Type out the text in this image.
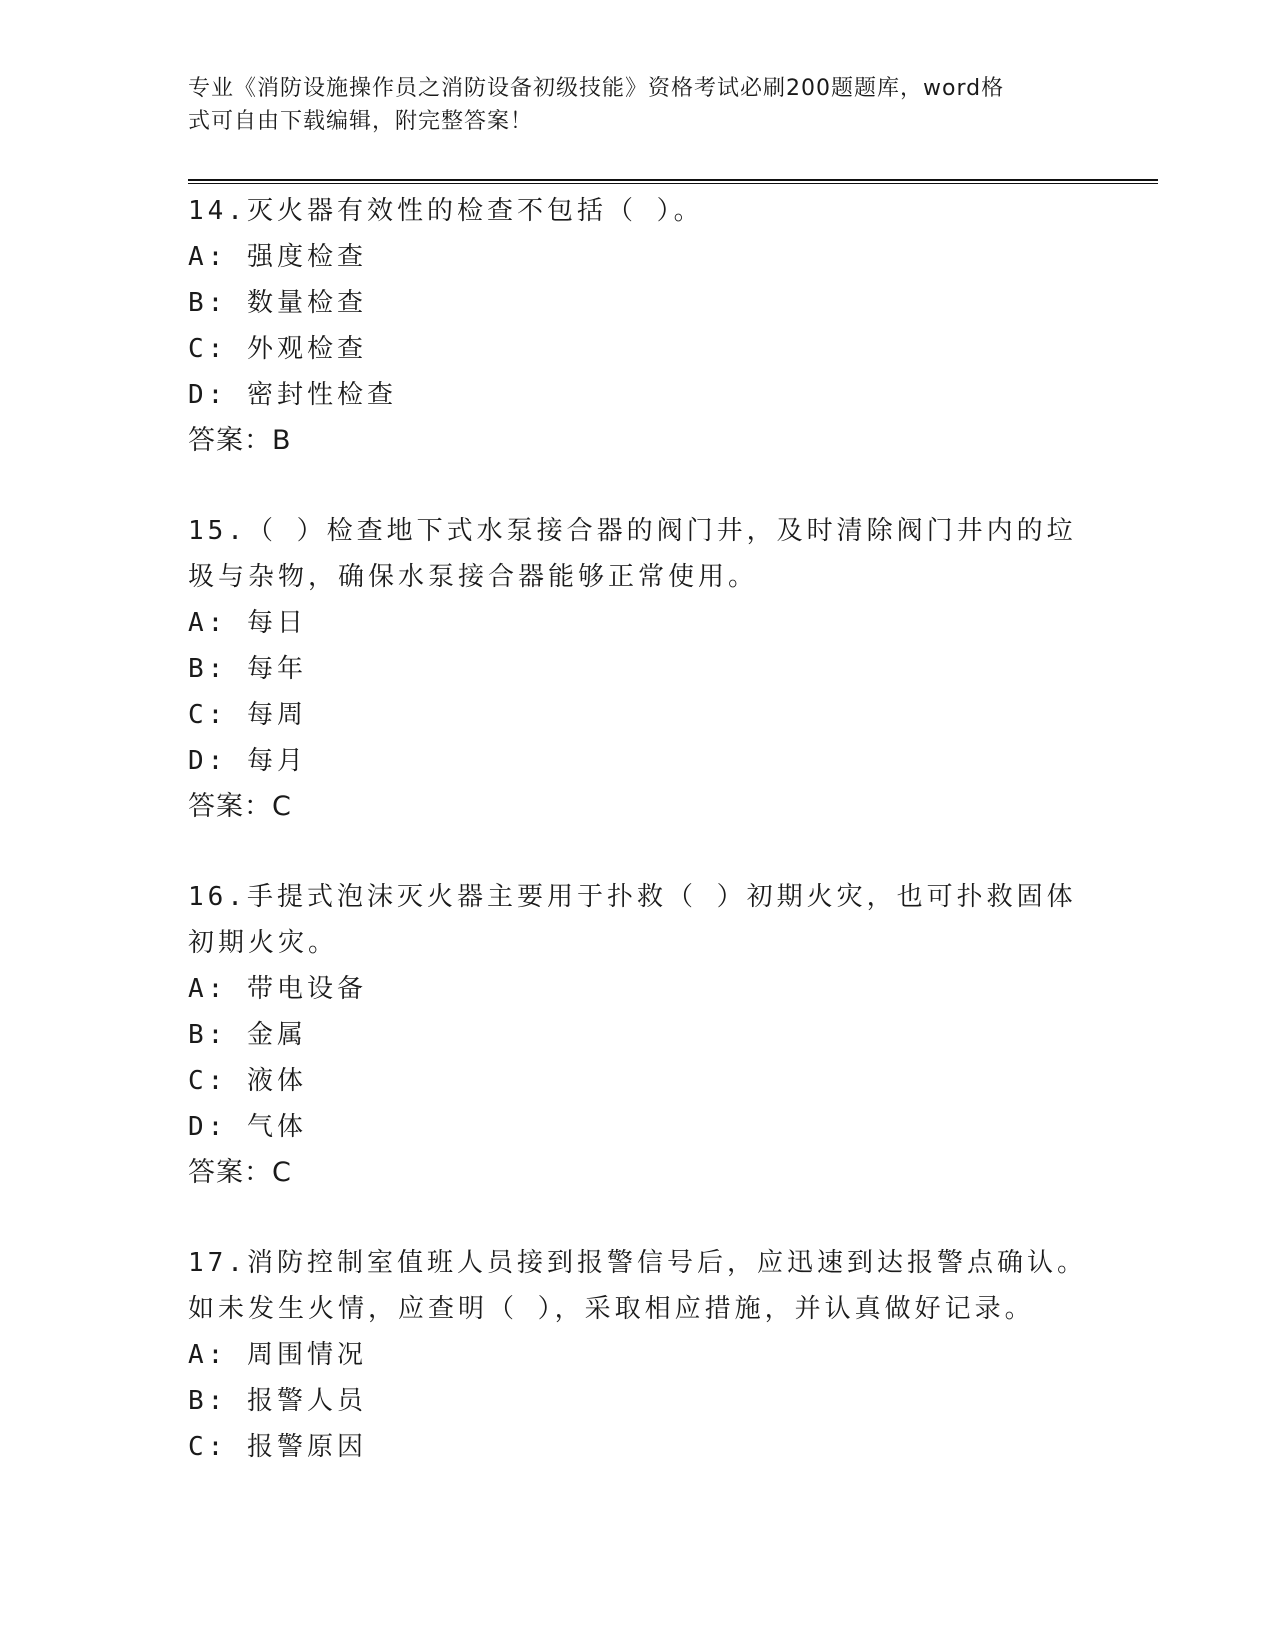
专业《消防设施操作员之消防设备初级技能》资格考试必刷200题题库，word格
式可自由下载编辑，附完整答案！
14.灭火器有效性的检查不包括（ ）。
A: 强度检查
B: 数量检查
C: 外观检查
D: 密封性检查
答案：B
15.（ ）检查地下式水泵接合器的阀门井，及时清除阀门井内的垃圾与杂物，确保水泵接合器能够正常使用。
A: 每日
B: 每年
C: 每周
D: 每月
答案：C
16.手提式泡沫灭火器主要用于扑救（ ）初期火灾，也可扑救固体初期火灾。
A: 带电设备
B: 金属
C: 液体
D: 气体
答案：C
17.消防控制室值班人员接到报警信号后，应迅速到达报警点确认。如未发生火情，应查明（ ），采取相应措施，并认真做好记录。
A: 周围情况
B: 报警人员
C: 报警原因
